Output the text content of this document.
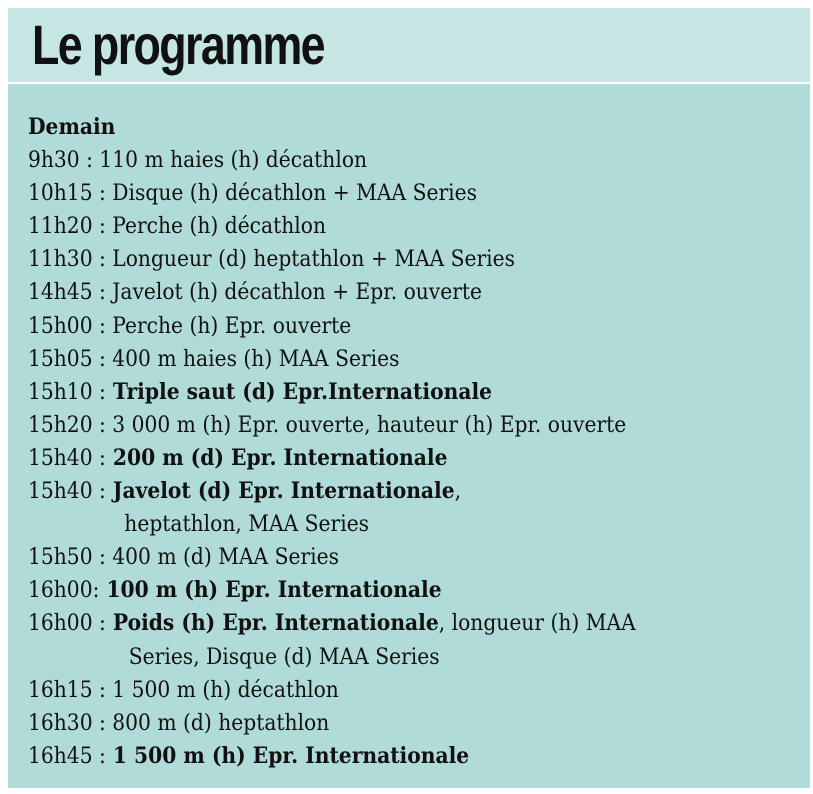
Le programme
Demain
9h30 : 110 m haies (h) décathlon
10h15 : Disque (h) décathlon + MAA Series
11h20 : Perche (h) décathlon
11h30 : Longueur (d) heptathlon + MAA Series
14h45 : Javelot (h) décathlon + Epr. ouverte
15h00 : Perche (h) Epr. ouverte
15h05 : 400 m haies (h) MAA Series
15h10 : Triple saut (d) Epr.Internationale
15h20 : 3 000 m (h) Epr. ouverte, hauteur (h) Epr. ouverte
15h40 : 200 m (d) Epr. Internationale
15h40 : Javelot (d) Epr. Internationale,
heptathlon, MAA Series
15h50 : 400 m (d) MAA Series
16h00: 100 m (h) Epr. Internationale
16h00 : Poids (h) Epr. Internationale, longueur (h) MAA
Series, Disque (d) MAA Series
16h15 : 1 500 m (h) décathlon
16h30 : 800 m (d) heptathlon
16h45 : 1 500 m (h) Epr. Internationale
